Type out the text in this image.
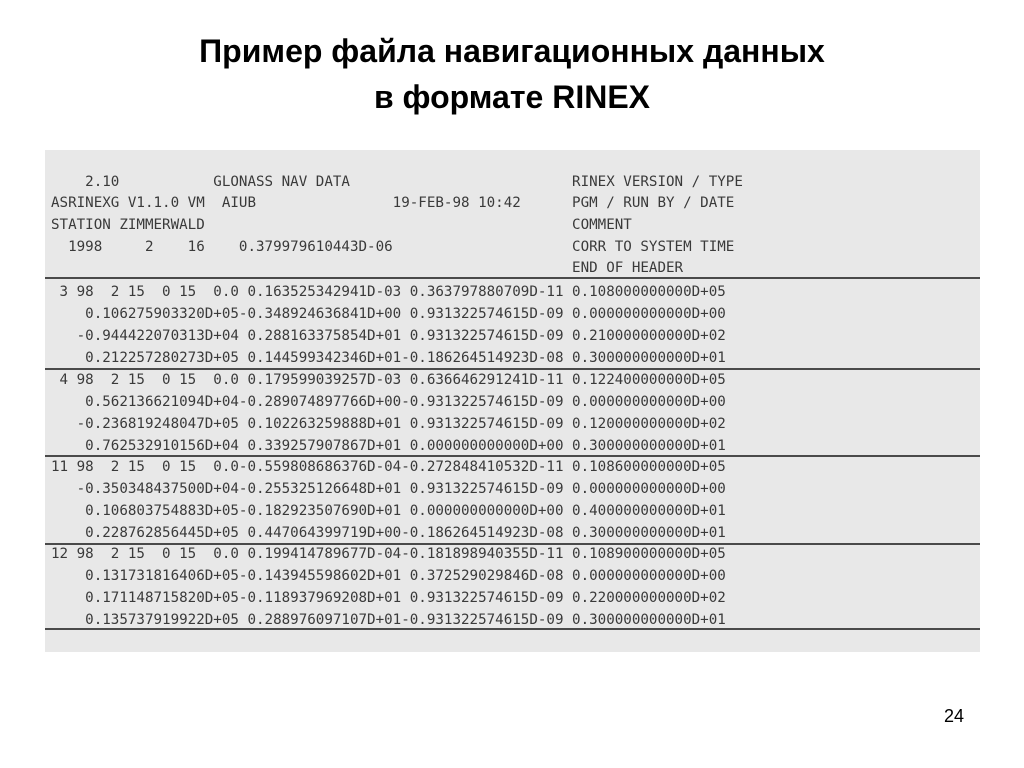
Пример файла навигационных данных
в формате RINEX
2.10           GLONASS NAV DATA                          RINEX VERSION / TYPE
ASRINEXG V1.1.0 VM  AIUB                19-FEB-98 10:42      PGM / RUN BY / DATE
STATION ZIMMERWALD                                           COMMENT
1998     2    16    0.379979610443D-06                     CORR TO SYSTEM TIME
END OF HEADER
3 98  2 15  0 15  0.0 0.163525342941D-03 0.363797880709D-11 0.108000000000D+05
0.106275903320D+05-0.348924636841D+00 0.931322574615D-09 0.000000000000D+00
-0.944422070313D+04 0.288163375854D+01 0.931322574615D-09 0.210000000000D+02
0.212257280273D+05 0.144599342346D+01-0.186264514923D-08 0.300000000000D+01
4 98  2 15  0 15  0.0 0.179599039257D-03 0.636646291241D-11 0.122400000000D+05
0.562136621094D+04-0.289074897766D+00-0.931322574615D-09 0.000000000000D+00
-0.236819248047D+05 0.102263259888D+01 0.931322574615D-09 0.120000000000D+02
0.762532910156D+04 0.339257907867D+01 0.000000000000D+00 0.300000000000D+01
11 98  2 15  0 15  0.0-0.559808686376D-04-0.272848410532D-11 0.108600000000D+05
-0.350348437500D+04-0.255325126648D+01 0.931322574615D-09 0.000000000000D+00
0.106803754883D+05-0.182923507690D+01 0.000000000000D+00 0.400000000000D+01
0.228762856445D+05 0.447064399719D+00-0.186264514923D-08 0.300000000000D+01
12 98  2 15  0 15  0.0 0.199414789677D-04-0.181898940355D-11 0.108900000000D+05
0.131731816406D+05-0.143945598602D+01 0.372529029846D-08 0.000000000000D+00
0.171148715820D+05-0.118937969208D+01 0.931322574615D-09 0.220000000000D+02
0.135737919922D+05 0.288976097107D+01-0.931322574615D-09 0.300000000000D+01
24
